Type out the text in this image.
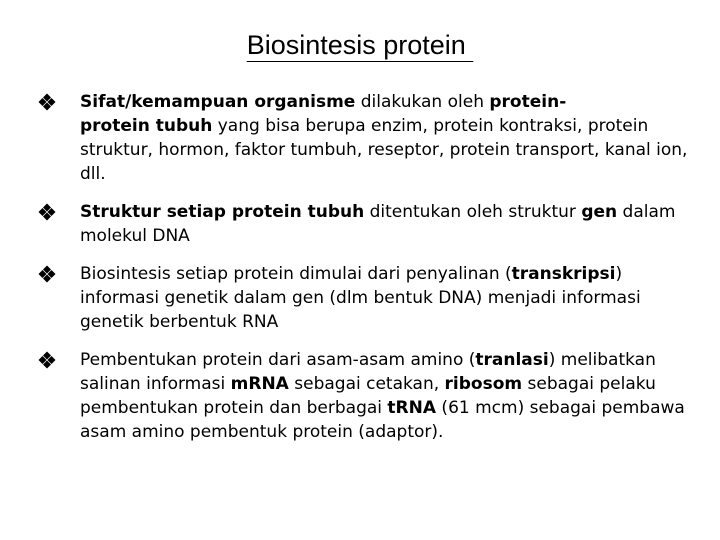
Biosintesis protein
Sifat/kemampuan organisme dilakukan oleh protein-
protein tubuh yang bisa berupa enzim, protein kontraksi, protein struktur, hormon, faktor tumbuh, reseptor, protein transport, kanal ion, dll.
Struktur setiap protein tubuh ditentukan oleh struktur gen dalam molekul DNA
Biosintesis setiap protein dimulai dari penyalinan (transkripsi) informasi genetik dalam gen (dlm bentuk DNA) menjadi informasi genetik berbentuk RNA
Pembentukan protein dari asam-asam amino (tranlasi) melibatkan salinan informasi mRNA sebagai cetakan, ribosom sebagai pelaku pembentukan protein dan berbagai tRNA (61 mcm) sebagai pembawa asam amino pembentuk protein (adaptor).
